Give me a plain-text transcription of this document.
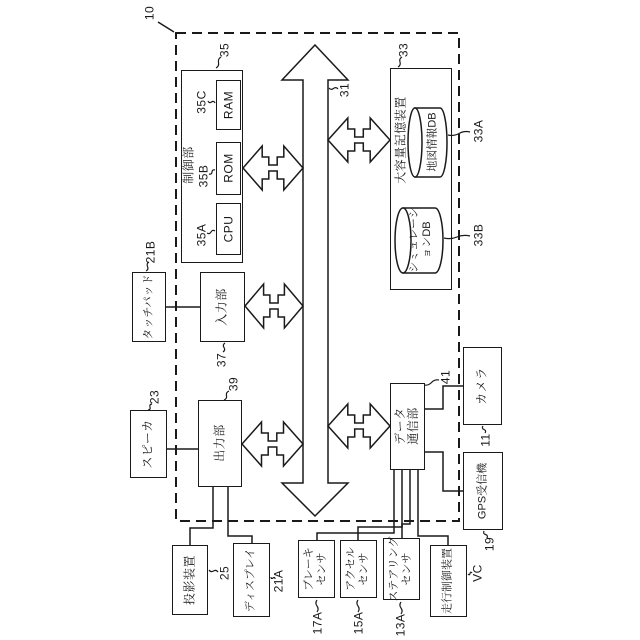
10
35
制御部
35C RAM
35B ROM
35A CPU
31
33
大容量記憶装置 地図情報DB	33A
シミュレーシ ョンDB	33B
タッチパッド
21B
入力部
37
スピーカ
23
出力部
39
データ 通信部
41 カメラ
11
GPS受信機
19
投影装置 25 ディスプレイ 21A ブレーキ センサ
17A
アクセル センサ
15A
ステアリング センサ
13A
走行制御装置 VC
